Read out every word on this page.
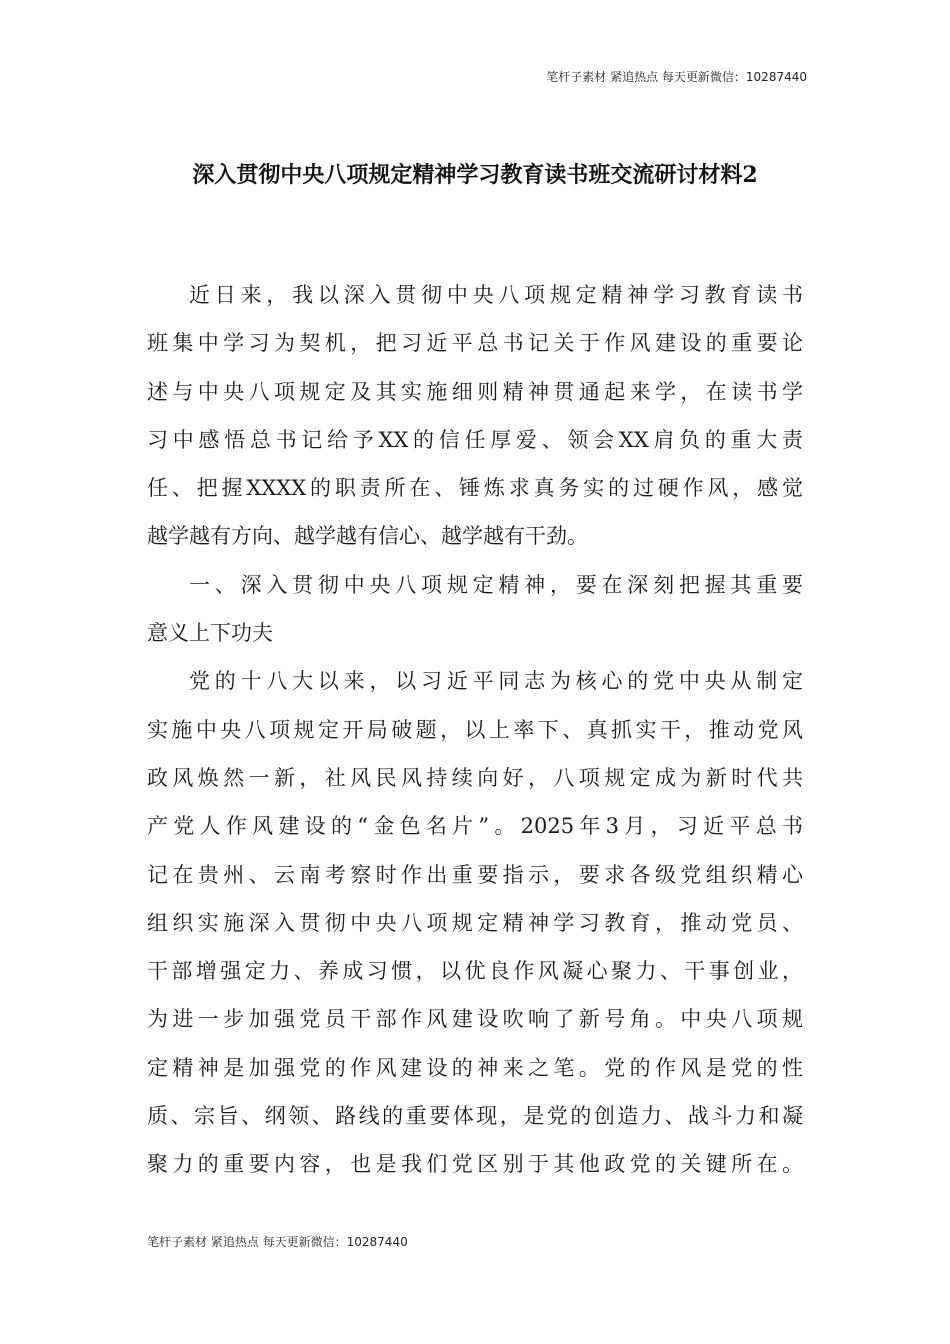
笔杆子素材 紧追热点 每天更新微信：10287440
深入贯彻中央八项规定精神学习教育读书班交流研讨材料2
近日来，我以深入贯彻中央八项规定精神学习教育读书
班集中学习为契机，把习近平总书记关于作风建设的重要论
述与中央八项规定及其实施细则精神贯通起来学，在读书学
习中感悟总书记给予XX的信任厚爱、领会XX肩负的重大责
任、把握XXXX的职责所在、锤炼求真务实的过硬作风，感觉
越学越有方向、越学越有信心、越学越有干劲。
一、深入贯彻中央八项规定精神，要在深刻把握其重要
意义上下功夫
党的十八大以来，以习近平同志为核心的党中央从制定
实施中央八项规定开局破题，以上率下、真抓实干，推动党风
政风焕然一新，社风民风持续向好，八项规定成为新时代共
产党人作风建设的“金色名片”。2025年3月，习近平总书
记在贵州、云南考察时作出重要指示，要求各级党组织精心
组织实施深入贯彻中央八项规定精神学习教育，推动党员、
干部增强定力、养成习惯，以优良作风凝心聚力、干事创业，
为进一步加强党员干部作风建设吹响了新号角。中央八项规
定精神是加强党的作风建设的神来之笔。党的作风是党的性
质、宗旨、纲领、路线的重要体现，是党的创造力、战斗力和凝
聚力的重要内容，也是我们党区别于其他政党的关键所在。
笔杆子素材 紧追热点 每天更新微信：10287440
